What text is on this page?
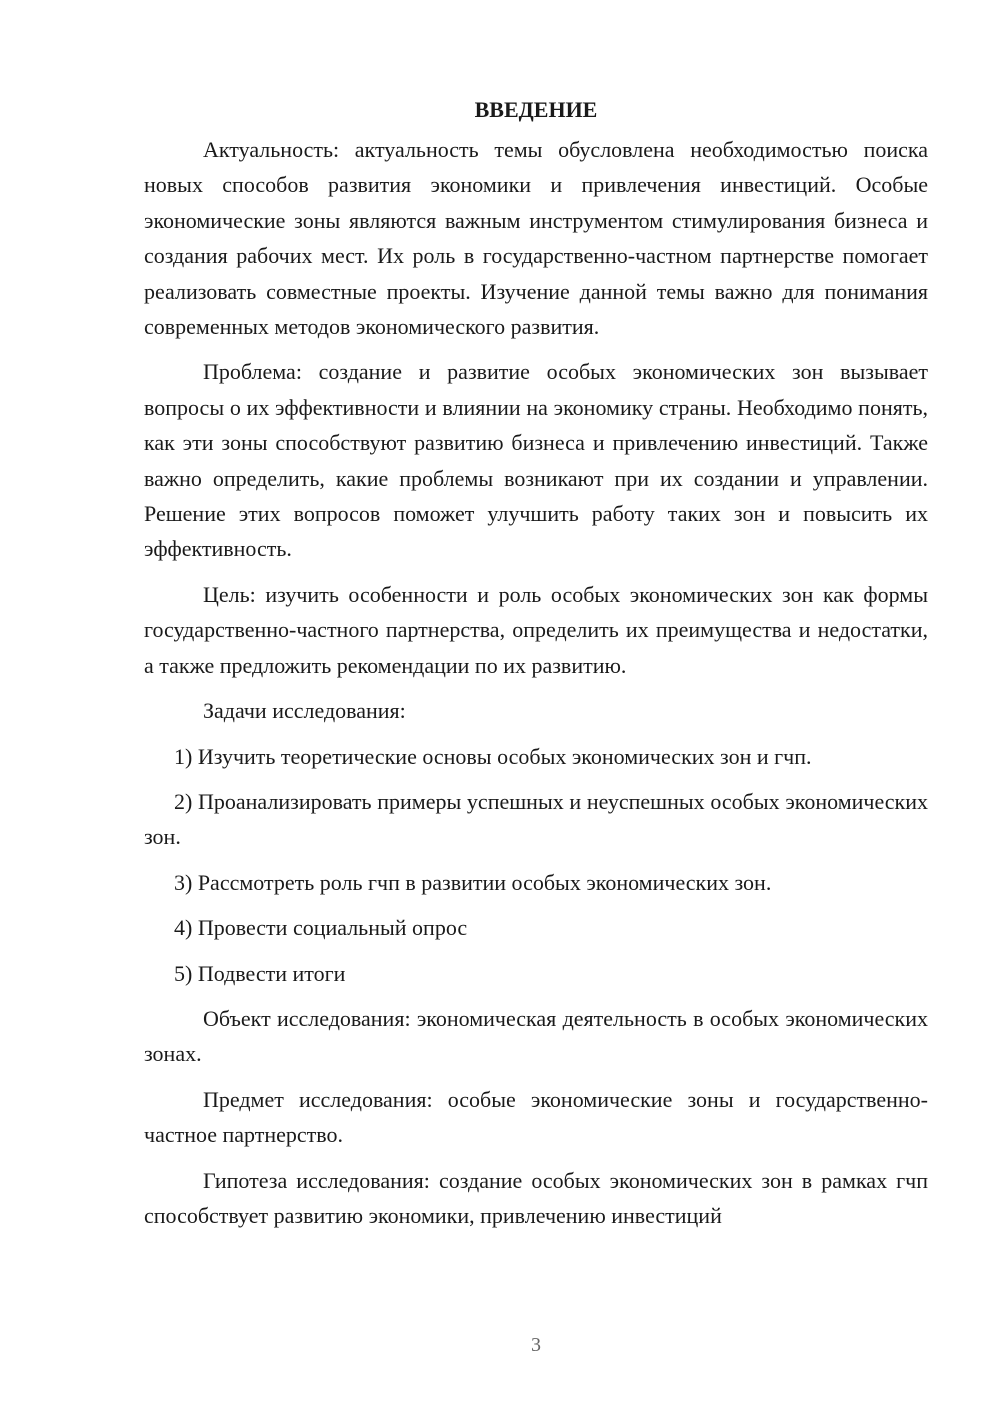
ВВЕДЕНИЕ

Актуальность: актуальность темы обусловлена необходимостью поиска новых способов развития экономики и привлечения инвестиций. Особые экономические зоны являются важным инструментом стимулирования бизнеса и создания рабочих мест. Их роль в государственно-частном партнерстве помогает реализовать совместные проекты. Изучение данной темы важно для понимания современных методов экономического развития.

Проблема: создание и развитие особых экономических зон вызывает вопросы о их эффективности и влиянии на экономику страны. Необходимо понять, как эти зоны способствуют развитию бизнеса и привлечению инвестиций. Также важно определить, какие проблемы возникают при их создании и управлении. Решение этих вопросов поможет улучшить работу таких зон и повысить их эффективность.

Цель: изучить особенности и роль особых экономических зон как формы государственно-частного партнерства, определить их преимущества и недостатки, а также предложить рекомендации по их развитию.

Задачи исследования:

1) Изучить теоретические основы особых экономических зон и гчп.

2) Проанализировать примеры успешных и неуспешных особых экономических зон.

3) Рассмотреть роль гчп в развитии особых экономических зон.

4) Провести социальный опрос

5) Подвести итоги

Объект исследования: экономическая деятельность в особых экономических зонах.

Предмет исследования: особые экономические зоны и государственно-частное партнерство.

Гипотеза исследования: создание особых экономических зон в рамках гчп способствует развитию экономики, привлечению инвестиций

3
